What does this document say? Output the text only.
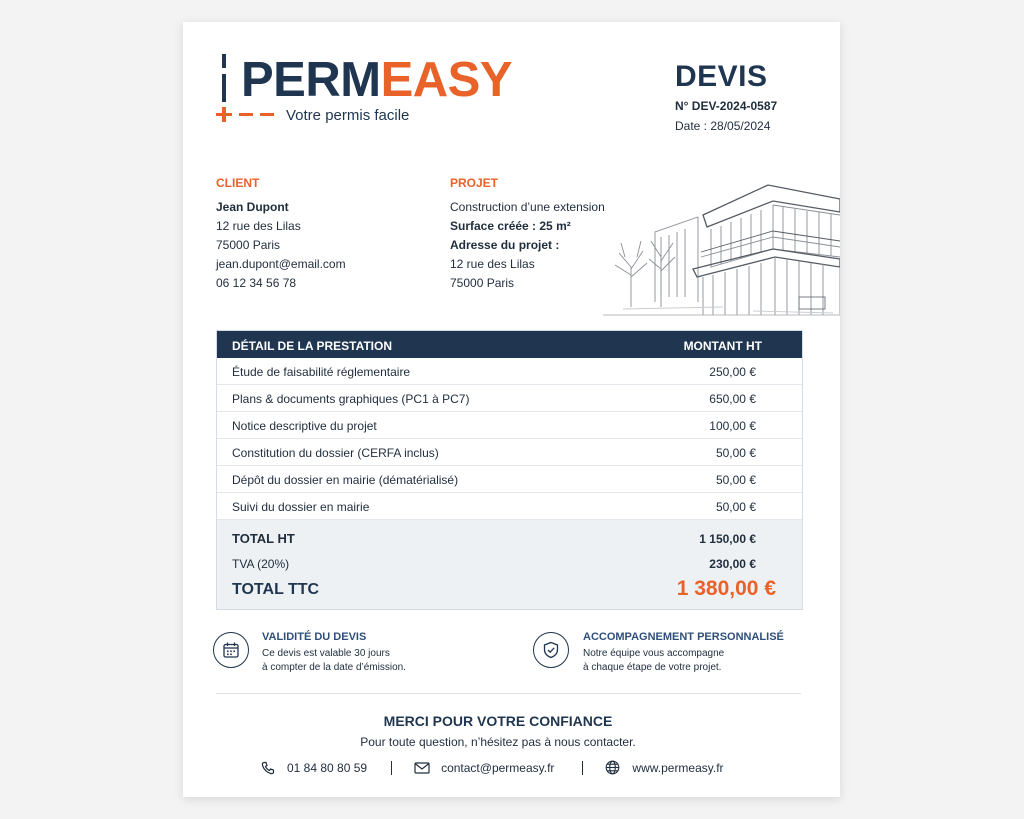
PERMEASY
Votre permis facile
DEVIS
N° DEV-2024-0587
Date : 28/05/2024
CLIENT
Jean Dupont
12 rue des Lilas
75000 Paris
jean.dupont@email.com
06 12 34 56 78
PROJET
Construction d’une extension
Surface créée : 25 m²
Adresse du projet :
12 rue des Lilas
75000 Paris
DÉTAIL DE LA PRESTATION	MONTANT HT
Étude de faisabilité réglementaire	250,00 €
Plans & documents graphiques (PC1 à PC7)	650,00 €
Notice descriptive du projet	100,00 €
Constitution du dossier (CERFA inclus)	50,00 €
Dépôt du dossier en mairie (dématérialisé)	50,00 €
Suivi du dossier en mairie	50,00 €
TOTAL HT	1 150,00 €
TVA (20%)	230,00 €
TOTAL TTC	1 380,00 €
VALIDITÉ DU DEVIS
Ce devis est valable 30 jours
à compter de la date d’émission.
ACCOMPAGNEMENT PERSONNALISÉ
Notre équipe vous accompagne
à chaque étape de votre projet.
MERCI POUR VOTRE CONFIANCE
Pour toute question, n’hésitez pas à nous contacter.
01 84 80 80 59	contact@permeasy.fr	www.permeasy.fr
